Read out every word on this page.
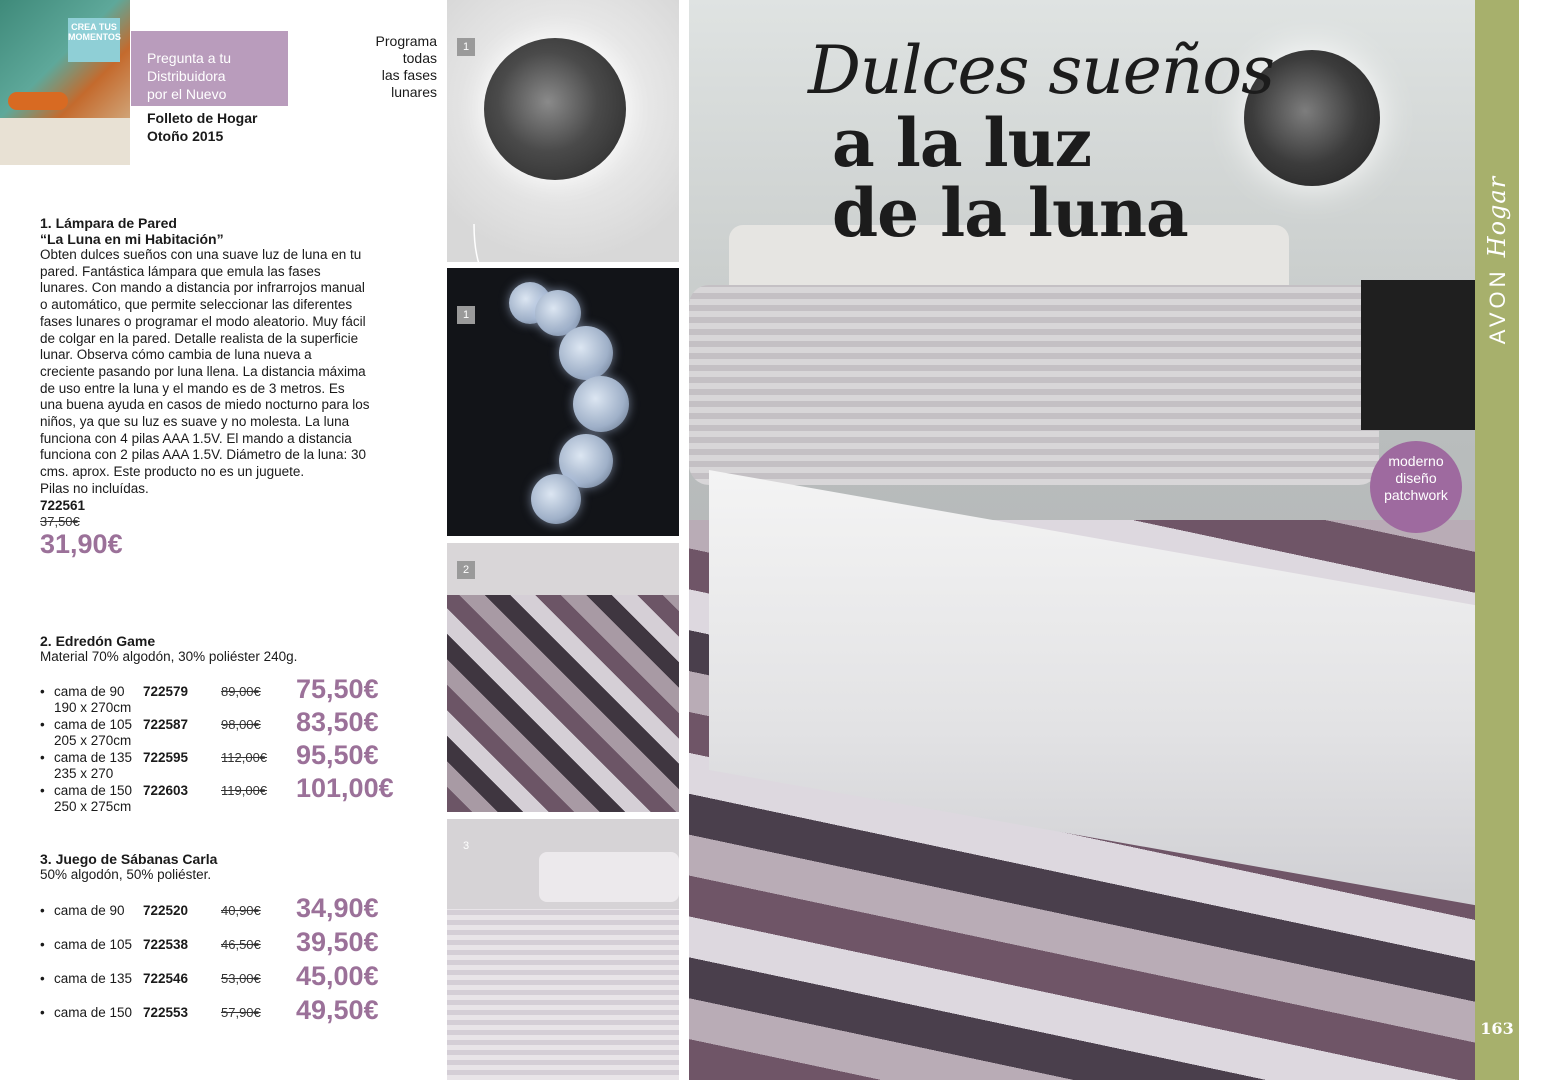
CREA TUS MOMENTOS
Pregunta a tu
Distribuidora
por el Nuevo
Folleto de Hogar
Otoño 2015
Programa
todas
las fases
lunares
1. Lámpara de Pared
“La Luna en mi Habitación”
Obten dulces sueños con una suave luz de luna en tu pared. Fantástica lámpara que emula las fases lunares. Con mando a distancia por infrarrojos manual o automático, que permite seleccionar las diferentes fases lunares o programar el modo aleatorio. Muy fácil de colgar en la pared. Detalle realista de la superficie lunar. Observa cómo cambia de luna nueva a creciente pasando por luna llena. La distancia máxima de uso entre la luna y el mando es de 3 metros. Es una buena ayuda en casos de miedo nocturno para los niños, ya que su luz es suave y no molesta. La luna funciona con 4 pilas AAA 1.5V. El mando a distancia funciona con 2 pilas AAA 1.5V. Diámetro de la luna: 30 cms. aprox. Este producto no es un juguete.
Pilas no incluídas.
722561
37,50€
31,90€
2. Edredón Game
Material 70% algodón, 30% poliéster 240g.
• cama de 90 722579	89,00€ 75,50€
190 x 270cm
• cama de 105 722587	98,00€ 83,50€
205 x 270cm
• cama de 135 722595	112,00€ 95,50€
235 x 270
• cama de 150 722603	119,00€ 101,00€
250 x 275cm
3. Juego de Sábanas Carla
50% algodón, 50% poliéster.
• cama de 90 722520	40,90€ 34,90€
• cama de 105 722538	46,50€ 39,50€
• cama de 135 722546	53,00€ 45,00€
• cama de 150 722553	57,90€ 49,50€
1
1
2
3
Dulces sueños
a la luz
de la luna
moderno
diseño
patchwork
AVON Hogar
163
